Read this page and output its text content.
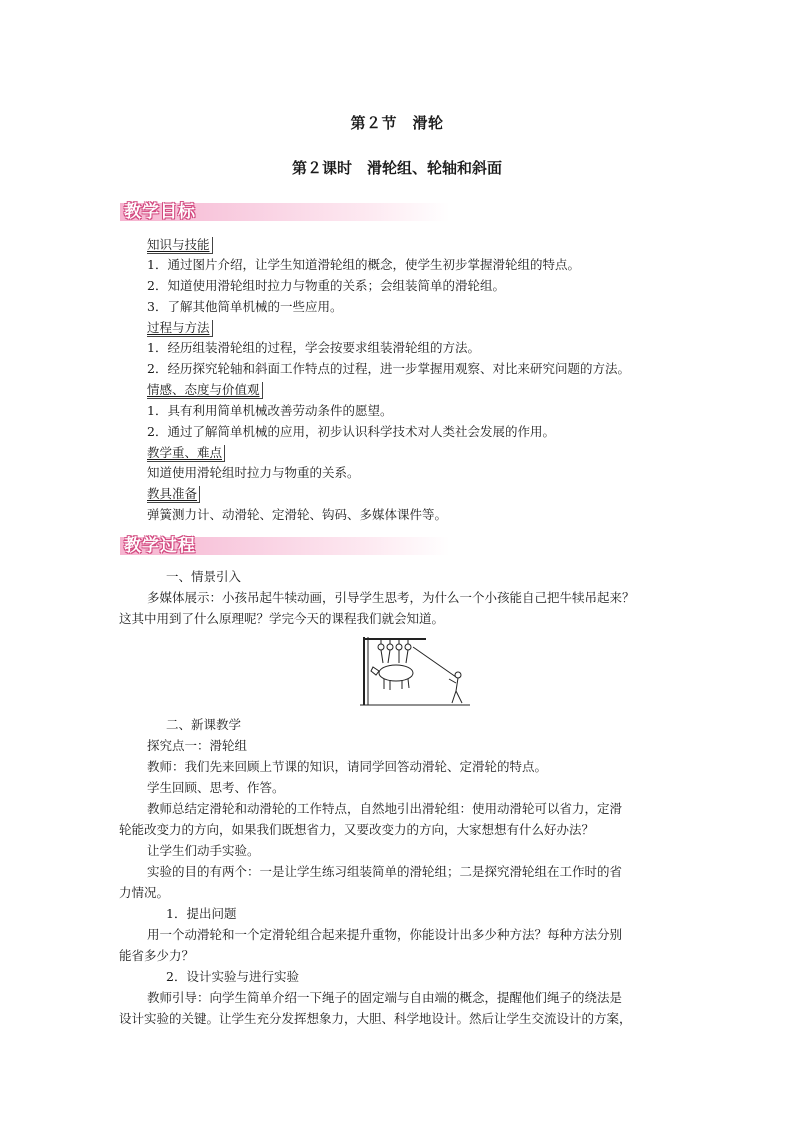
第２节　滑轮
第２课时　滑轮组、轮轴和斜面
教学目标
知识与技能
1．通过图片介绍，让学生知道滑轮组的概念，使学生初步掌握滑轮组的特点。
2．知道使用滑轮组时拉力与物重的关系；会组装简单的滑轮组。
3．了解其他简单机械的一些应用。
过程与方法
1．经历组装滑轮组的过程，学会按要求组装滑轮组的方法。
2．经历探究轮轴和斜面工作特点的过程，进一步掌握用观察、对比来研究问题的方法。
情感、态度与价值观
1．具有利用简单机械改善劳动条件的愿望。
2．通过了解简单机械的应用，初步认识科学技术对人类社会发展的作用。
教学重、难点
知道使用滑轮组时拉力与物重的关系。
教具准备
弹簧测力计、动滑轮、定滑轮、钩码、多媒体课件等。
教学过程
一、情景引入
多媒体展示：小孩吊起牛犊动画，引导学生思考，为什么一个小孩能自己把牛犊吊起来？
这其中用到了什么原理呢？学完今天的课程我们就会知道。
二、新课教学
探究点一：滑轮组
教师：我们先来回顾上节课的知识，请同学回答动滑轮、定滑轮的特点。
学生回顾、思考、作答。
教师总结定滑轮和动滑轮的工作特点，自然地引出滑轮组：使用动滑轮可以省力，定滑
轮能改变力的方向，如果我们既想省力，又要改变力的方向，大家想想有什么好办法？
让学生们动手实验。
实验的目的有两个：一是让学生练习组装简单的滑轮组；二是探究滑轮组在工作时的省
力情况。
1．提出问题
用一个动滑轮和一个定滑轮组合起来提升重物，你能设计出多少种方法？每种方法分别
能省多少力？
2．设计实验与进行实验
教师引导：向学生简单介绍一下绳子的固定端与自由端的概念，提醒他们绳子的绕法是
设计实验的关键。让学生充分发挥想象力，大胆、科学地设计。然后让学生交流设计的方案，
